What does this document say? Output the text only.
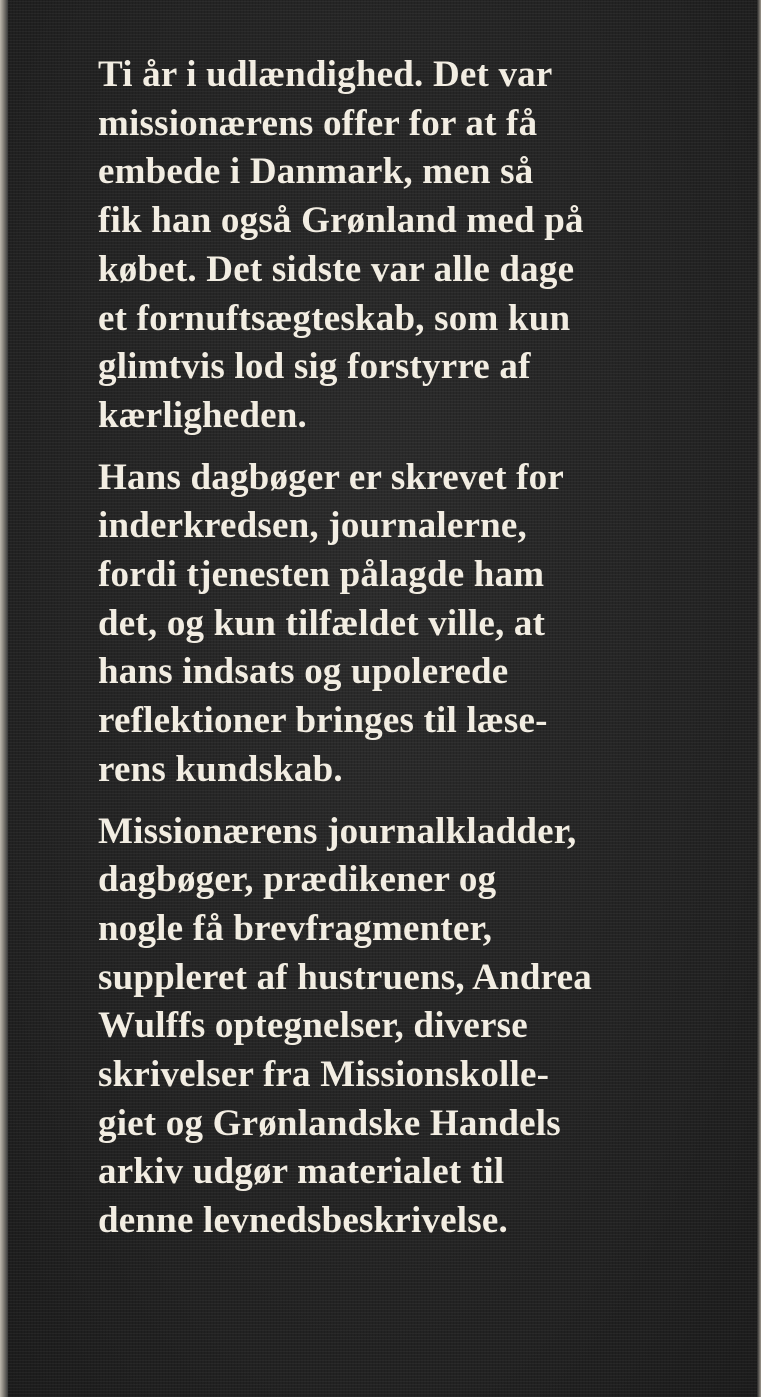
Ti år i udlændighed. Det var
missionærens offer for at få
embede i Danmark, men så
fik han også Grønland med på
købet. Det sidste var alle dage
et fornuftsægteskab, som kun
glimtvis lod sig forstyrre af
kærligheden.

Hans dagbøger er skrevet for
inderkredsen, journalerne,
fordi tjenesten pålagde ham
det, og kun tilfældet ville, at
hans indsats og upolerede
reflektioner bringes til læse-
rens kundskab.

Missionærens journalkladder,
dagbøger, prædikener og
nogle få brevfragmenter,
suppleret af hustruens, Andrea
Wulffs optegnelser, diverse
skrivelser fra Missionskolle-
giet og Grønlandske Handels
arkiv udgør materialet til
denne levnedsbeskrivelse.
